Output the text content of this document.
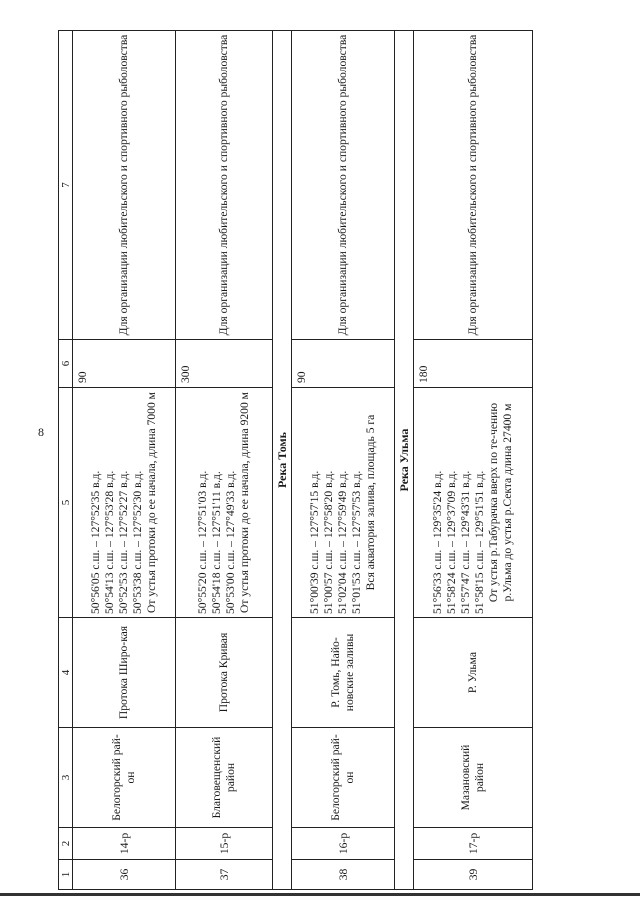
8
1	2	3	4	5	6	7
36	14-р	Белогорский рай-он	Протока Широ-кая	50°56'05 с.ш. – 127°52'35 в.д. 50°54'13 с.ш. – 127°53'28 в.д. 50°52'53 с.ш. – 127°52'27 в.д. 50°53'38 с.ш. – 127°52'30 в.д. От устья протоки до ее начала, длина 7000 м	90	Для организации любительского и спортивного рыболовства
37	15-р	Благовещенский район	Протока Кривая	50°55'20 с.ш. – 127°51'03 в.д. 50°54'18 с.ш. – 127°51'11 в.д. 50°53'00 с.ш. – 127°49'33 в.д. От устья протоки до ее начала, длина 9200 м	300	Для организации любительского и спортивного рыболовства
Река Томь						
38	16-р	Белогорский рай-он	Р. Томь, Найо-новские заливы	51°00'39 с.ш. – 127°57'15 в.д. 51°00'57 с.ш. – 127°58'20 в.д. 51°02'04 с.ш. – 127°59'49 в.д. 51°01'53 с.ш. – 127°57'53 в.д. Вся акватория залива, площадь 5 га	90	Для организации любительского и спортивного рыболовства
Река Ульма						
39	17-р	Мазановский район	Р. Ульма	51°56'33 с.ш. – 129°35'24 в.д. 51°58'24 с.ш. – 129°37'09 в.д. 51°57'47 с.ш. – 129°43'31 в.д. 51°58'15 с.ш. – 129°51'51 в.д. От устья р.Табурачка вверх по те-чению р.Ульма до устья р.Секта длина 27400 м	180	Для организации любительского и спортивного рыболовства
